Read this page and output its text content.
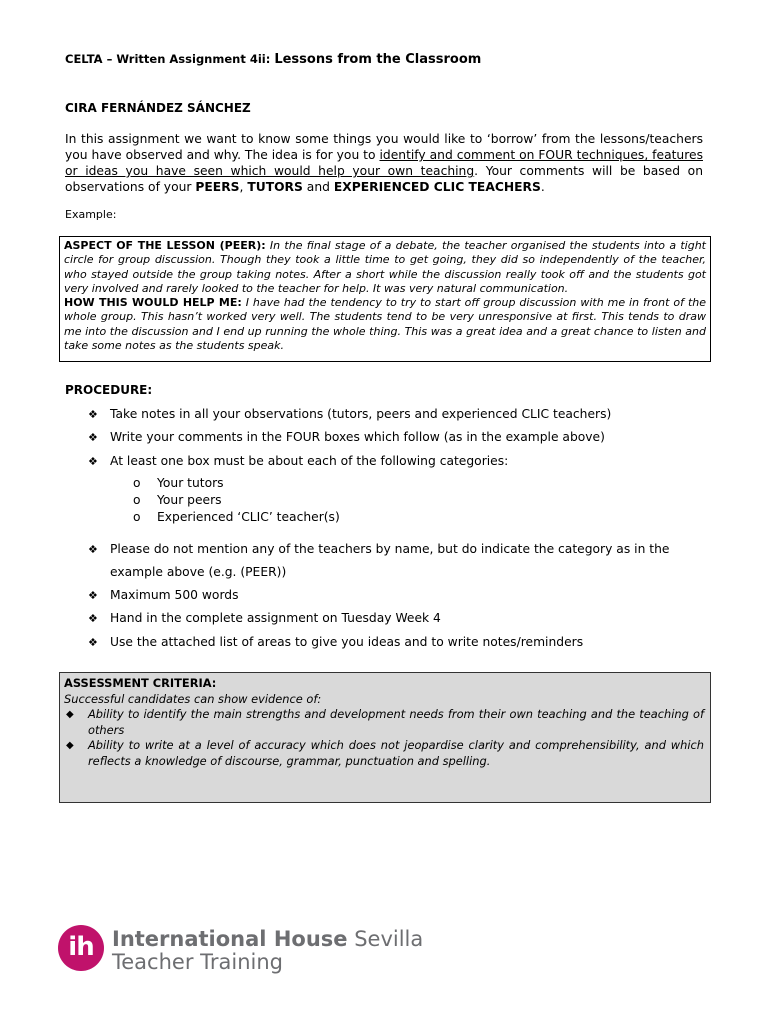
CELTA – Written Assignment 4ii: Lessons from the Classroom
CIRA FERNÁNDEZ SÁNCHEZ
In this assignment we want to know some things you would like to ‘borrow’ from the lessons/teachers you have observed and why. The idea is for you to identify and comment on FOUR techniques, features or ideas you have seen which would help your own teaching. Your comments will be based on observations of your PEERS, TUTORS and EXPERIENCED CLIC TEACHERS.
Example:
ASPECT OF THE LESSON (PEER): In the final stage of a debate, the teacher organised the students into a tight circle for group discussion. Though they took a little time to get going, they did so independently of the teacher, who stayed outside the group taking notes. After a short while the discussion really took off and the students got very involved and rarely looked to the teacher for help. It was very natural communication.
HOW THIS WOULD HELP ME: I have had the tendency to try to start off group discussion with me in front of the whole group. This hasn’t worked very well. The students tend to be very unresponsive at first. This tends to draw me into the discussion and I end up running the whole thing. This was a great idea and a great chance to listen and take some notes as the students speak.
PROCEDURE:
❖ Take notes in all your observations (tutors, peers and experienced CLIC teachers)
❖ Write your comments in the FOUR boxes which follow (as in the example above)
❖ At least one box must be about each of the following categories:
o Your tutors
o Your peers
o Experienced ‘CLIC’ teacher(s)
❖ Please do not mention any of the teachers by name, but do indicate the category as in the example above (e.g. (PEER))
❖ Maximum 500 words
❖ Hand in the complete assignment on Tuesday Week 4
❖ Use the attached list of areas to give you ideas and to write notes/reminders
ASSESSMENT CRITERIA:
Successful candidates can show evidence of:
◆ Ability to identify the main strengths and development needs from their own teaching and the teaching of others
◆ Ability to write at a level of accuracy which does not jeopardise clarity and comprehensibility, and which reflects a knowledge of discourse, grammar, punctuation and spelling.
ih International House Sevilla
Teacher Training
